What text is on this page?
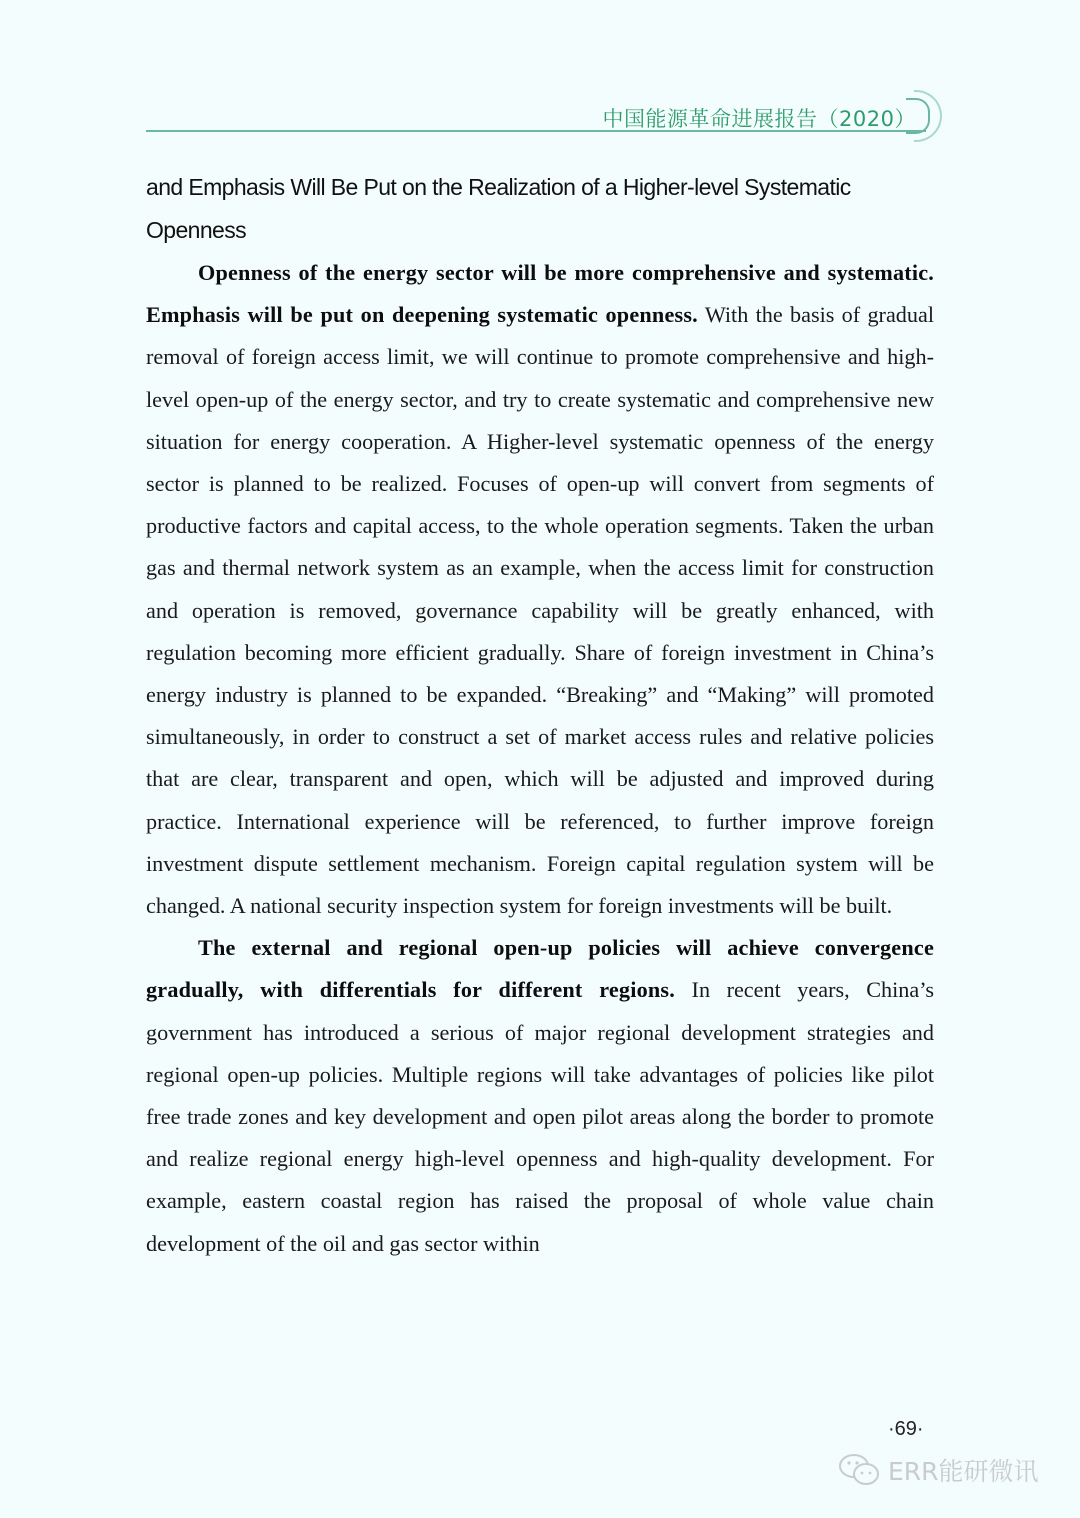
中国能源革命进展报告（2020）

and Emphasis Will Be Put on the Realization of a Higher-level Systematic
Openness

Openness of the energy sector will be more comprehensive and systematic. Emphasis will be put on deepening systematic openness. With the basis of gradual removal of foreign access limit, we will continue to promote comprehensive and high-level open-up of the energy sector, and try to create systematic and comprehensive new situation for energy cooperation. A Higher-level systematic openness of the energy sector is planned to be realized. Focuses of open-up will convert from segments of productive factors and capital access, to the whole operation segments. Taken the urban gas and thermal network system as an example, when the access limit for construction and operation is removed, governance capability will be greatly enhanced, with regulation becoming more efficient gradually. Share of foreign investment in China’s energy industry is planned to be expanded. “Breaking” and “Making” will promoted simultaneously, in order to construct a set of market access rules and relative policies that are clear, transparent and open, which will be adjusted and improved during practice. International experience will be referenced, to further improve foreign investment dispute settlement mechanism. Foreign capital regulation system will be changed. A national security inspection system for foreign investments will be built.

The external and regional open-up policies will achieve convergence gradually, with differentials for different regions. In recent years, China’s government has introduced a serious of major regional development strategies and regional open-up policies. Multiple regions will take advantages of policies like pilot free trade zones and key development and open pilot areas along the border to promote and realize regional energy high-level openness and high-quality development. For example, eastern coastal region has raised the proposal of whole value chain development of the oil and gas sector within

·69·
ERR能研微讯
